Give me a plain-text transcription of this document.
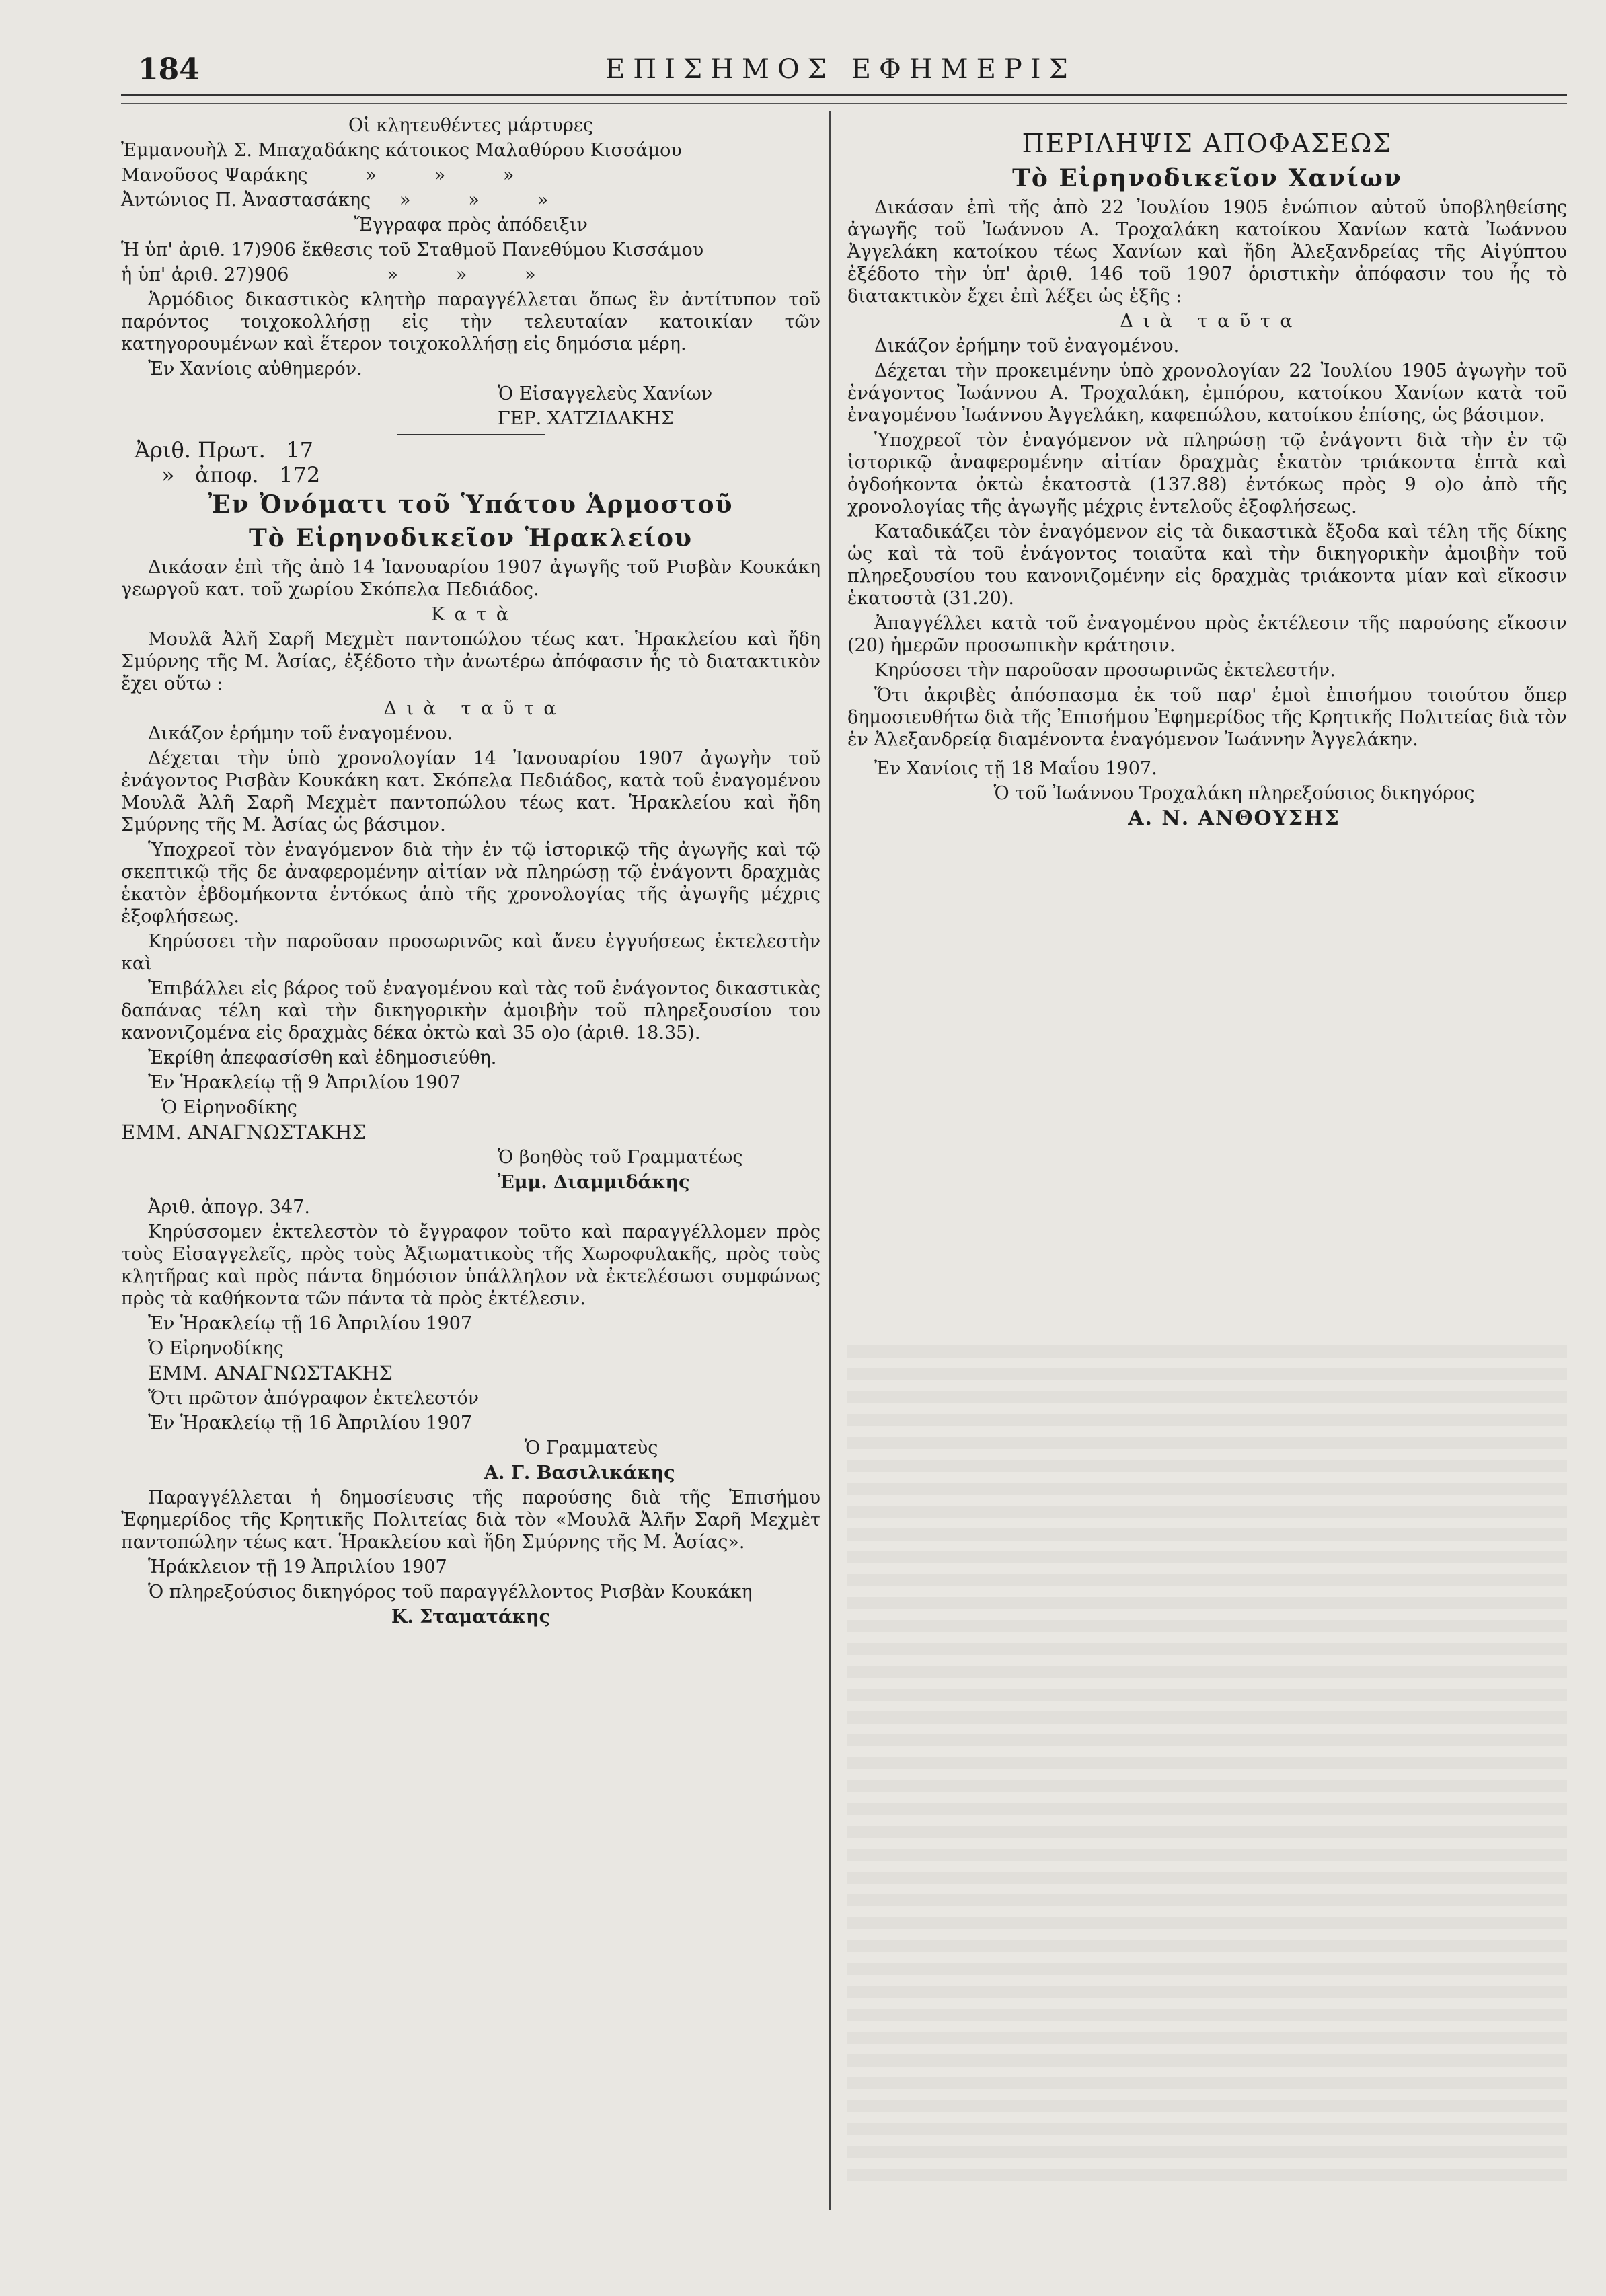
184	ΕΠΙΣΗΜΟΣ ΕΦΗΜΕΡΙΣ

Οἱ κλητευθέντες μάρτυρες

Ἐμμανουὴλ Σ. Μπαχαδάκης κάτοικος Μαλαθύρου Κισσάμου

Μανοῦσος Ψαράκης          »          »          »

Ἀντώνιος Π. Ἀναστασάκης     »          »          »

Ἔγγραφα πρὸς ἀπόδειξιν

Ἡ ὑπ' ἀριθ. 17)906 ἔκθεσις τοῦ Σταθμοῦ Πανεθύμου Κισσάμου

ἡ ὑπ' ἀριθ. 27)906                 »          »          »

Ἁρμόδιος δικαστικὸς κλητὴρ παραγγέλλεται ὅπως ἓν ἀντίτυπον τοῦ παρόντος τοιχοκολλήσῃ εἰς τὴν τελευταίαν κατοικίαν τῶν κατηγορουμένων καὶ ἕτερον τοιχοκολλήσῃ εἰς δημόσια μέρη.

Ἐν Χανίοις αὐθημερόν.

Ὁ Εἰσαγγελεὺς Χανίων

ΓΕΡ. ΧΑΤΖΙΔΑΚΗΣ

Ἀριθ. Πρωτ.   17

»   ἀποφ.   172

Ἐν Ὀνόματι τοῦ Ὑπάτου Ἁρμοστοῦ

Τὸ Εἰρηνοδικεῖον Ἡρακλείου

Δικάσαν ἐπὶ τῆς ἀπὸ 14 Ἰανουαρίου 1907 ἀγωγῆς τοῦ Ρισβὰν Κουκάκη γεωργοῦ κατ. τοῦ χωρίου Σκόπελα Πεδιάδος.

Κ α τ ὰ

Μουλᾶ Ἀλῆ Σαρῆ Μεχμὲτ παντοπώλου τέως κατ. Ἡρακλείου καὶ ἤδη Σμύρνης τῆς Μ. Ἀσίας, ἐξέδοτο τὴν ἀνωτέρω ἀπόφασιν ἧς τὸ διατακτικὸν ἔχει οὕτω :

Δ ι ὰ   τ α ῦ τ α

Δικάζον ἐρήμην τοῦ ἐναγομένου.

Δέχεται τὴν ὑπὸ χρονολογίαν 14 Ἰανουαρίου 1907 ἀγωγὴν τοῦ ἐνάγοντος Ρισβὰν Κουκάκη κατ. Σκόπελα Πεδιάδος, κατὰ τοῦ ἐναγομένου Μουλᾶ Ἀλῆ Σαρῆ Μεχμὲτ παντοπώλου τέως κατ. Ἡρακλείου καὶ ἤδη Σμύρνης τῆς Μ. Ἀσίας ὡς βάσιμον.

Ὑποχρεοῖ τὸν ἐναγόμενον διὰ τὴν ἐν τῷ ἱστορικῷ τῆς ἀγωγῆς καὶ τῷ σκεπτικῷ τῆς δε ἀναφερομένην αἰτίαν νὰ πληρώσῃ τῷ ἐνάγοντι δραχμὰς ἑκατὸν ἑβδομήκοντα ἐντόκως ἀπὸ τῆς χρονολογίας τῆς ἀγωγῆς μέχρις ἐξοφλήσεως.

Κηρύσσει τὴν παροῦσαν προσωρινῶς καὶ ἄνευ ἐγγυήσεως ἐκτελεστὴν καὶ

Ἐπιβάλλει εἰς βάρος τοῦ ἐναγομένου καὶ τὰς τοῦ ἐνάγοντος δικαστικὰς δαπάνας τέλη καὶ τὴν δικηγορικὴν ἀμοιβὴν τοῦ πληρεξουσίου του κανονιζομένα εἰς δραχμὰς δέκα ὀκτὼ καὶ 35 ο)ο (ἀριθ. 18.35).

Ἐκρίθη ἀπεφασίσθη καὶ ἐδημοσιεύθη.

Ἐν Ἡρακλείῳ τῇ 9 Ἀπριλίου 1907

Ὁ Εἰρηνοδίκης

ΕΜΜ. ΑΝΑΓΝΩΣΤΑΚΗΣ

Ὁ βοηθὸς τοῦ Γραμματέως

Ἐμμ. Διαμμιδάκης

Ἀριθ. ἀπογρ. 347.

Κηρύσσομεν ἐκτελεστὸν τὸ ἔγγραφον τοῦτο καὶ παραγγέλλομεν πρὸς τοὺς Εἰσαγγελεῖς, πρὸς τοὺς Ἀξιωματικοὺς τῆς Χωροφυλακῆς, πρὸς τοὺς κλητῆρας καὶ πρὸς πάντα δημόσιον ὑπάλληλον νὰ ἐκτελέσωσι συμφώνως πρὸς τὰ καθήκοντα τῶν πάντα τὰ πρὸς ἐκτέλεσιν.

Ἐν Ἡρακλείῳ τῇ 16 Ἀπριλίου 1907

Ὁ Εἰρηνοδίκης

ΕΜΜ. ΑΝΑΓΝΩΣΤΑΚΗΣ

Ὅτι πρῶτον ἀπόγραφον ἐκτελεστόν

Ἐν Ἡρακλείῳ τῇ 16 Ἀπριλίου 1907

Ὁ Γραμματεὺς

Α. Γ. Βασιλικάκης

Παραγγέλλεται ἡ δημοσίευσις τῆς παρούσης διὰ τῆς Ἐπισήμου Ἐφημερίδος τῆς Κρητικῆς Πολιτείας διὰ τὸν «Μουλᾶ Ἀλῆν Σαρῆ Μεχμὲτ παντοπώλην τέως κατ. Ἡρακλείου καὶ ἤδη Σμύρνης τῆς Μ. Ἀσίας».

Ἡράκλειον τῇ 19 Ἀπριλίου 1907

Ὁ πληρεξούσιος δικηγόρος τοῦ παραγγέλλοντος Ρισβὰν Κουκάκη

Κ. Σταματάκης

ΠΕΡΙΛΗΨΙΣ ΑΠΟΦΑΣΕΩΣ

Τὸ Εἰρηνοδικεῖον Χανίων

Δικάσαν ἐπὶ τῆς ἀπὸ 22 Ἰουλίου 1905 ἐνώπιον αὐτοῦ ὑποβληθείσης ἀγωγῆς τοῦ Ἰωάννου Α. Τροχαλάκη κατοίκου Χανίων κατὰ Ἰωάννου Ἀγγελάκη κατοίκου τέως Χανίων καὶ ἤδη Ἀλεξανδρείας τῆς Αἰγύπτου ἐξέδοτο τὴν ὑπ' ἀριθ. 146 τοῦ 1907 ὁριστικὴν ἀπόφασιν του ἧς τὸ διατακτικὸν ἔχει ἐπὶ λέξει ὡς ἑξῆς :

Δ ι ὰ   τ α ῦ τ α

Δικάζον ἐρήμην τοῦ ἐναγομένου.

Δέχεται τὴν προκειμένην ὑπὸ χρονολογίαν 22 Ἰουλίου 1905 ἀγωγὴν τοῦ ἐνάγοντος Ἰωάννου Α. Τροχαλάκη, ἐμπόρου, κατοίκου Χανίων κατὰ τοῦ ἐναγομένου Ἰωάννου Ἀγγελάκη, καφεπώλου, κατοίκου ἐπίσης, ὡς βάσιμον.

Ὑποχρεοῖ τὸν ἐναγόμενον νὰ πληρώσῃ τῷ ἐνάγοντι διὰ τὴν ἐν τῷ ἱστορικῷ ἀναφερομένην αἰτίαν δραχμὰς ἑκατὸν τριάκοντα ἑπτὰ καὶ ὀγδοήκοντα ὀκτὼ ἑκατοστὰ (137.88) ἐντόκως πρὸς 9 ο)ο ἀπὸ τῆς χρονολογίας τῆς ἀγωγῆς μέχρις ἐντελοῦς ἐξοφλήσεως.

Καταδικάζει τὸν ἐναγόμενον εἰς τὰ δικαστικὰ ἔξοδα καὶ τέλη τῆς δίκης ὡς καὶ τὰ τοῦ ἐνάγοντος τοιαῦτα καὶ τὴν δικηγορικὴν ἀμοιβὴν τοῦ πληρεξουσίου του κανονιζομένην εἰς δραχμὰς τριάκοντα μίαν καὶ εἴκοσιν ἑκατοστὰ (31.20).

Ἀπαγγέλλει κατὰ τοῦ ἐναγομένου πρὸς ἐκτέλεσιν τῆς παρούσης εἴκοσιν (20) ἡμερῶν προσωπικὴν κράτησιν.

Κηρύσσει τὴν παροῦσαν προσωρινῶς ἐκτελεστήν.

Ὅτι ἀκριβὲς ἀπόσπασμα ἐκ τοῦ παρ' ἐμοὶ ἐπισήμου τοιούτου ὅπερ δημοσιευθήτω διὰ τῆς Ἐπισήμου Ἐφημερίδος τῆς Κρητικῆς Πολιτείας διὰ τὸν ἐν Ἀλεξανδρείᾳ διαμένοντα ἐναγόμενον Ἰωάννην Ἀγγελάκην.

Ἐν Χανίοις τῇ 18 Μαΐου 1907.

Ὁ τοῦ Ἰωάννου Τροχαλάκη πληρεξούσιος δικηγόρος

Α. Ν. ΑΝΘΟΥΣΗΣ
